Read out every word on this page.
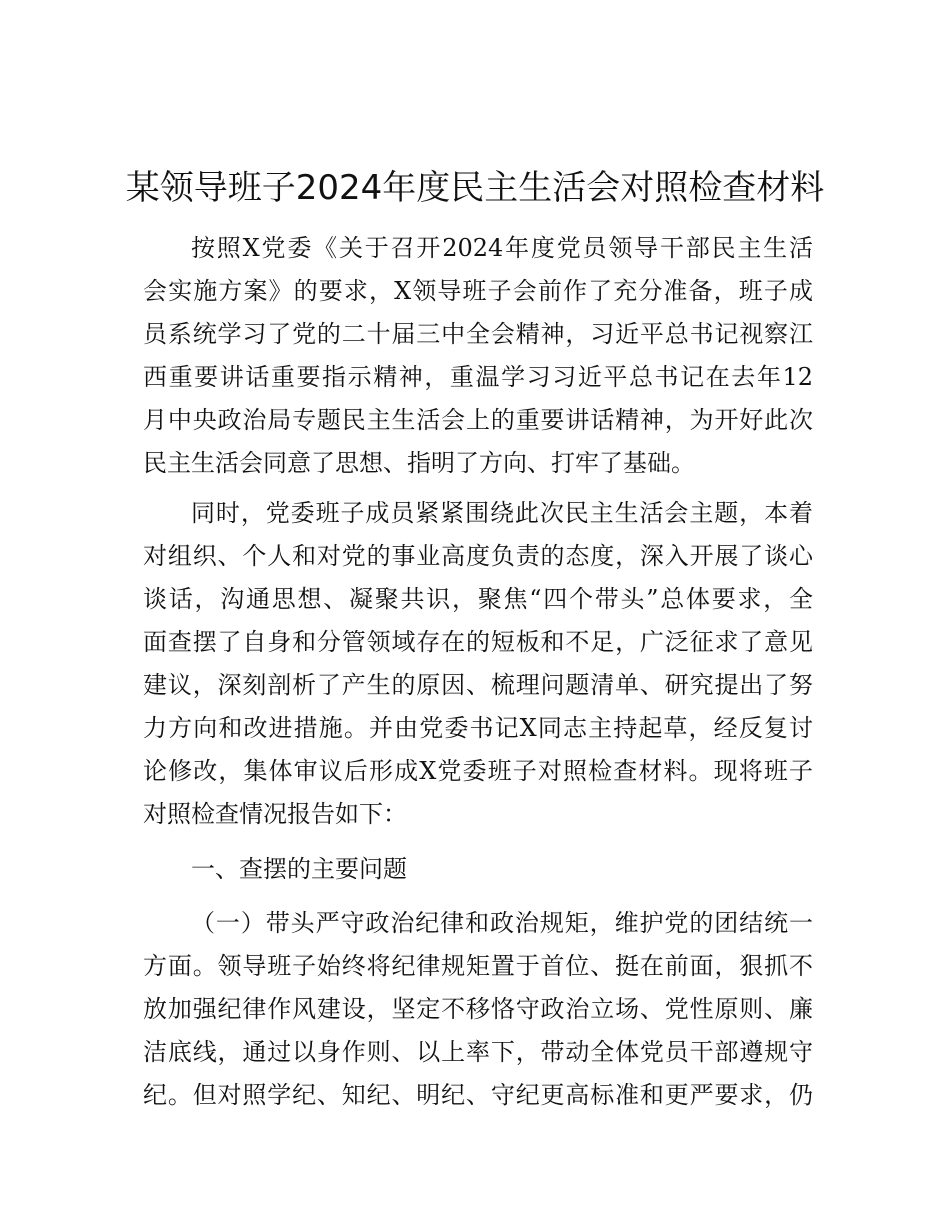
某领导班子2024年度民主生活会对照检查材料
按照X党委《关于召开2024年度党员领导干部民主生活
会实施方案》的要求，X领导班子会前作了充分准备，班子成
员系统学习了党的二十届三中全会精神，习近平总书记视察江
西重要讲话重要指示精神，重温学习习近平总书记在去年12
月中央政治局专题民主生活会上的重要讲话精神，为开好此次
民主生活会同意了思想、指明了方向、打牢了基础。
同时，党委班子成员紧紧围绕此次民主生活会主题，本着
对组织、个人和对党的事业高度负责的态度，深入开展了谈心
谈话，沟通思想、凝聚共识，聚焦“四个带头”总体要求，全
面查摆了自身和分管领域存在的短板和不足，广泛征求了意见
建议，深刻剖析了产生的原因、梳理问题清单、研究提出了努
力方向和改进措施。并由党委书记X同志主持起草，经反复讨
论修改，集体审议后形成X党委班子对照检查材料。现将班子
对照检查情况报告如下：
一、查摆的主要问题
（一）带头严守政治纪律和政治规矩，维护党的团结统一
方面。领导班子始终将纪律规矩置于首位、挺在前面，狠抓不
放加强纪律作风建设，坚定不移恪守政治立场、党性原则、廉
洁底线，通过以身作则、以上率下，带动全体党员干部遵规守
纪。但对照学纪、知纪、明纪、守纪更高标准和更严要求，仍
